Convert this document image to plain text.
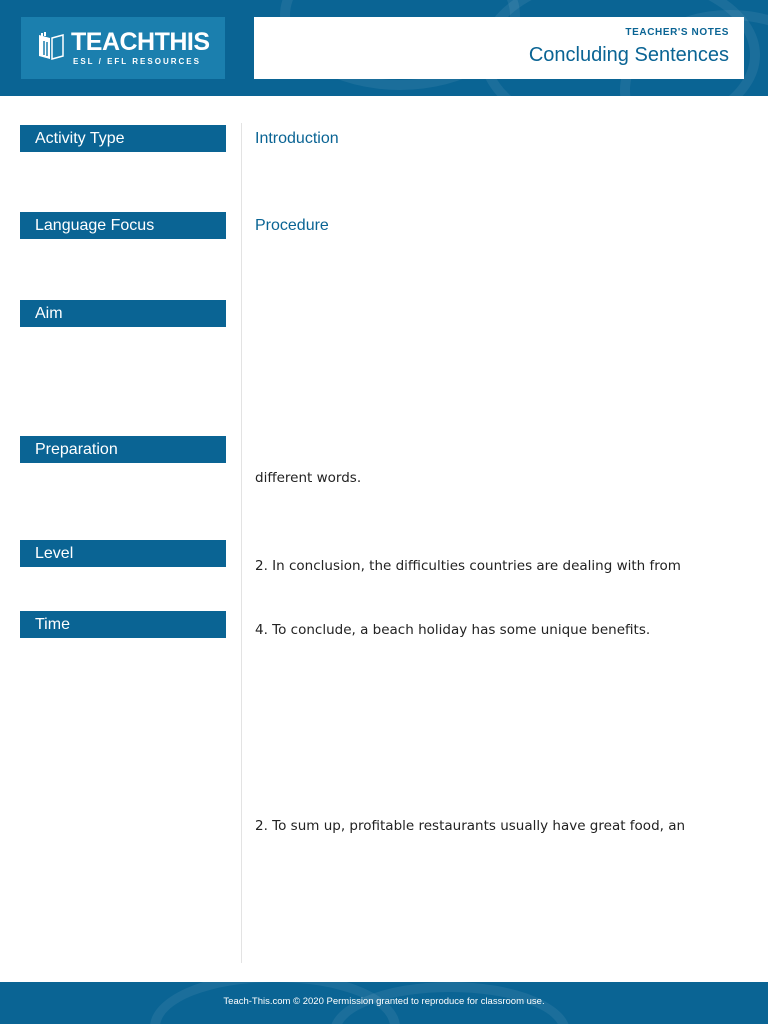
TEACHTHIS
ESL / EFL RESOURCES
TEACHER'S NOTES
Concluding Sentences
Activity Type
Language Focus
Aim
Preparation
Level
Time
Introduction
Procedure
different words.
2. In conclusion, the difficulties countries are dealing with from
4. To conclude, a beach holiday has some unique benefits.
2. To sum up, profitable restaurants usually have great food, an
Teach-This.com © 2020 Permission granted to reproduce for classroom use.
